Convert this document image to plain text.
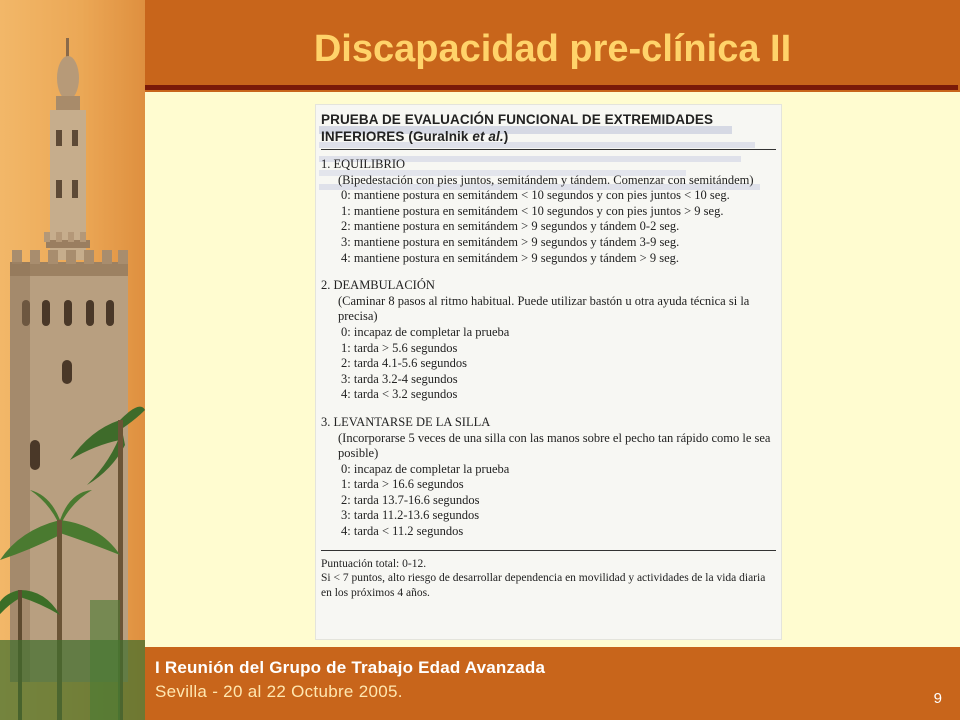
Discapacidad pre-clínica II
PRUEBA DE EVALUACIÓN FUNCIONAL DE EXTREMIDADES
INFERIORES (Guralnik et al.)
1. EQUILIBRIO
(Bipedestación con pies juntos, semitándem y tándem. Comenzar con semitándem)
0: mantiene postura en semitándem < 10 segundos y con pies juntos < 10 seg.
1: mantiene postura en semitándem < 10 segundos y con pies juntos > 9 seg.
2: mantiene postura en semitándem > 9 segundos y tándem 0-2 seg.
3: mantiene postura en semitándem > 9 segundos y tándem 3-9 seg.
4: mantiene postura en semitándem > 9 segundos y tándem > 9 seg.
2. DEAMBULACIÓN
(Caminar 8 pasos al ritmo habitual. Puede utilizar bastón u otra ayuda técnica si la precisa)
0: incapaz de completar la prueba
1: tarda > 5.6 segundos
2: tarda 4.1-5.6 segundos
3: tarda 3.2-4 segundos
4: tarda < 3.2 segundos
3. LEVANTARSE DE LA SILLA
(Incorporarse 5 veces de una silla con las manos sobre el pecho tan rápido como le sea posible)
0: incapaz de completar la prueba
1: tarda > 16.6 segundos
2: tarda 13.7-16.6 segundos
3: tarda 11.2-13.6 segundos
4: tarda < 11.2 segundos
Puntuación total: 0-12.
Si < 7 puntos, alto riesgo de desarrollar dependencia en movilidad y actividades de la vida diaria en los próximos 4 años.
I Reunión del Grupo de Trabajo Edad Avanzada
Sevilla - 20 al 22 Octubre 2005.	9
